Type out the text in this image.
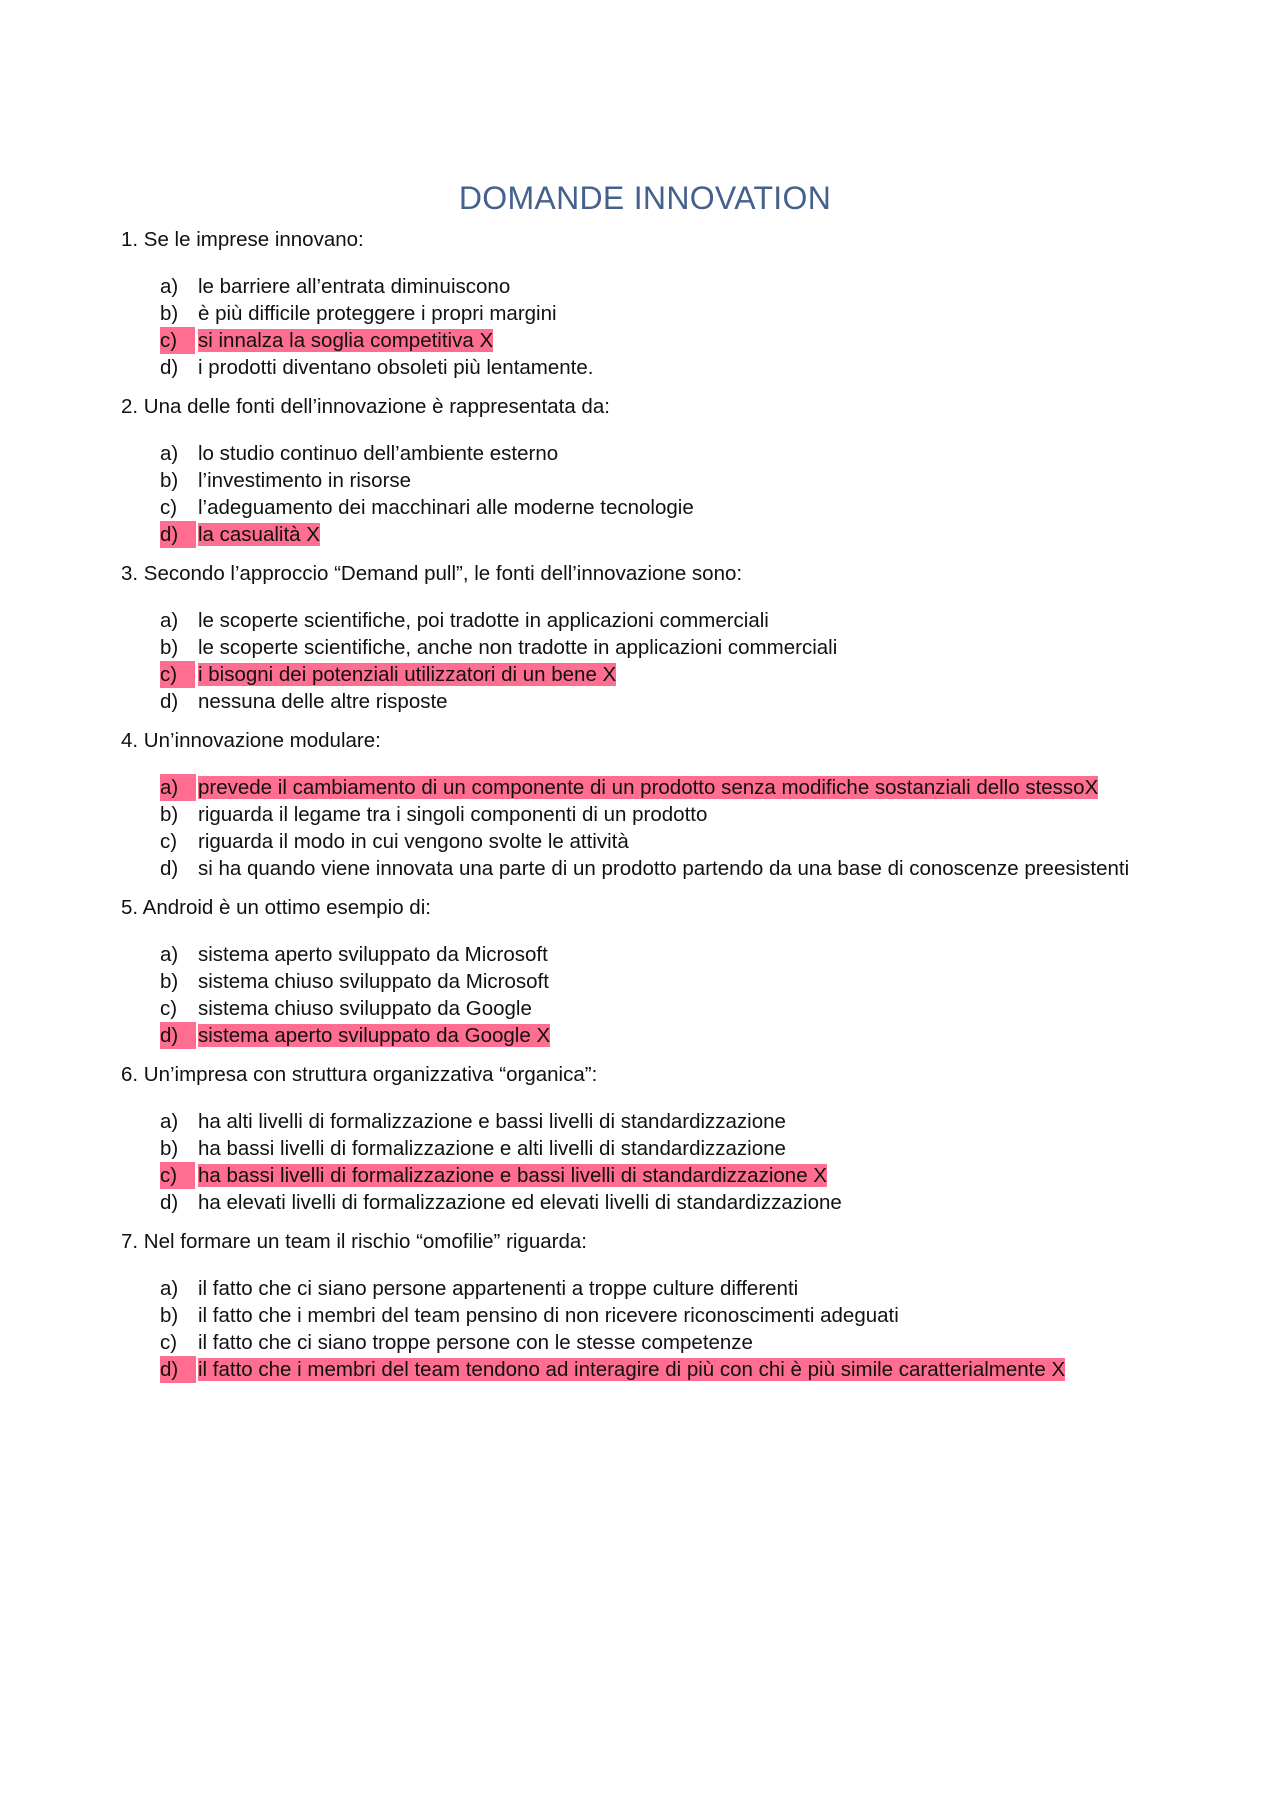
DOMANDE INNOVATION
1. Se le imprese innovano:
a) le barriere all’entrata diminuiscono
b) è più difficile proteggere i propri margini
c)	si innalza la soglia competitiva X
d) i prodotti diventano obsoleti più lentamente.
2. Una delle fonti dell’innovazione è rappresentata da:
a) lo studio continuo dell’ambiente esterno
b) l’investimento in risorse
c) l’adeguamento dei macchinari alle moderne tecnologie
d) la casualità X
3. Secondo l’approccio “Demand pull”, le fonti dell’innovazione sono:
a) le scoperte scientifiche, poi tradotte in applicazioni commerciali
b) le scoperte scientifiche, anche non tradotte in applicazioni commerciali
c)	i bisogni dei potenziali utilizzatori di un bene X
d) nessuna delle altre risposte
4. Un’innovazione modulare:
a) prevede il cambiamento di un componente di un prodotto senza modifiche sostanziali dello stessoX
b) riguarda il legame tra i singoli componenti di un prodotto
c) riguarda il modo in cui vengono svolte le attività
d) si ha quando viene innovata una parte di un prodotto partendo da una base di conoscenze preesistenti
5. Android è un ottimo esempio di:
a) sistema aperto sviluppato da Microsoft
b) sistema chiuso sviluppato da Microsoft
c) sistema chiuso sviluppato da Google
d) sistema aperto sviluppato da Google X
6. Un’impresa con struttura organizzativa “organica”:
a) ha alti livelli di formalizzazione e bassi livelli di standardizzazione
b) ha bassi livelli di formalizzazione e alti livelli di standardizzazione
c)	ha bassi livelli di formalizzazione e bassi livelli di standardizzazione X
d) ha elevati livelli di formalizzazione ed elevati livelli di standardizzazione
7. Nel formare un team il rischio “omofilie” riguarda:
a) il fatto che ci siano persone appartenenti a troppe culture differenti
b) il fatto che i membri del team pensino di non ricevere riconoscimenti adeguati
c) il fatto che ci siano troppe persone con le stesse competenze
d) il fatto che i membri del team tendono ad interagire di più con chi è più simile caratterialmente X
